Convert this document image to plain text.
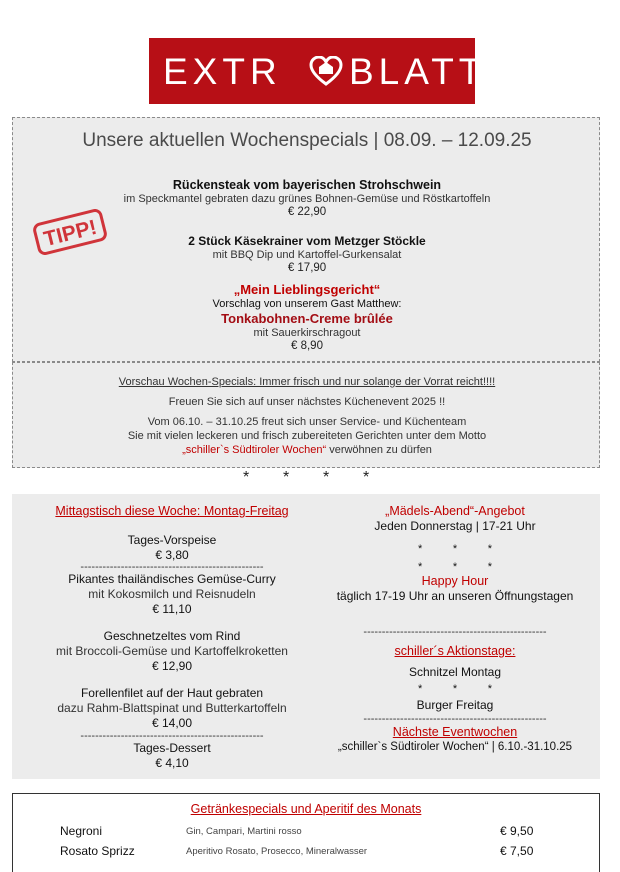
EXTR BLATT
Unsere aktuellen Wochenspecials | 08.09. – 12.09.25
Rückensteak vom bayerischen Strohschwein
im Speckmantel gebraten dazu grünes Bohnen-Gemüse und Röstkartoffeln
€ 22,90
2 Stück Käsekrainer vom Metzger Stöckle
mit BBQ Dip und Kartoffel-Gurkensalat
€ 17,90
„Mein Lieblingsgericht“
Vorschlag von unserem Gast Matthew:
Tonkabohnen-Creme brûlée
mit Sauerkirschragout
€ 8,90
TIPP!
Vorschau Wochen-Specials: Immer frisch und nur solange der Vorrat reicht!!!!
Freuen Sie sich auf unser nächstes Küchenevent 2025 !!
Vom 06.10. – 31.10.25 freut sich unser Service- und Küchenteam
Sie mit vielen leckeren und frisch zubereiteten Gerichten unter dem Motto
„schiller`s Südtiroler Wochen“ verwöhnen zu dürfen
* * * *
Mittagstisch diese Woche: Montag-Freitag
Tages-Vorspeise
€ 3,80
--------------------------------------------------
Pikantes thailändisches Gemüse-Curry
mit Kokosmilch und Reisnudeln
€ 11,10
Geschnetzeltes vom Rind
mit Broccoli-Gemüse und Kartoffelkroketten
€ 12,90
Forellenfilet auf der Haut gebraten
dazu Rahm-Blattspinat und Butterkartoffeln
€ 14,00
--------------------------------------------------
Tages-Dessert
€ 4,10
„Mädels-Abend“-Angebot
Jeden Donnerstag | 17-21 Uhr
*          *          *
*          *          *
Happy Hour
täglich 17-19 Uhr an unseren Öffnungstagen
--------------------------------------------------
schiller´s Aktionstage:
Schnitzel Montag
*          *          *
Burger Freitag
--------------------------------------------------
Nächste Eventwochen
„schiller`s Südtiroler Wochen“ | 6.10.-31.10.25
Getränkespecials und Aperitif des Monats
Negroni	Gin, Campari, Martini rosso	€ 9,50
Rosato Sprizz	Aperitivo Rosato, Prosecco, Mineralwasser	€ 7,50
